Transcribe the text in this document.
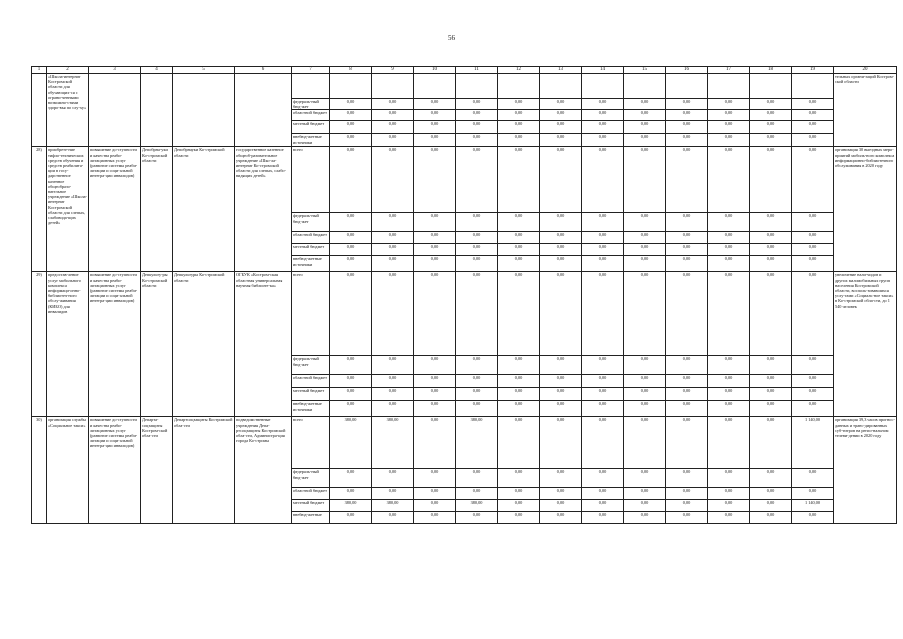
56
1	2	3	4	5	6	7	8	9	10	11	12	13	14	15	16	17	18	19	20
	«Школа-интернат Костромской области для обучающих-ся с ограни-ченными возможно-стями здоро-вья по слу-ху»																		тельных органи-заций Костром-ской области
						федераль-ный бюд-жет	0,00	0,00	0,00	0,00	0,00	0,00	0,00	0,00	0,00	0,00	0,00	0,00	
						областной бюджет	0,00	0,00	0,00	0,00	0,00	0,00	0,00	0,00	0,00	0,00	0,00	0,00	
						местный бюджет	0,00	0,00	0,00	0,00	0,00	0,00	0,00	0,00	0,00	0,00	0,00	0,00	
						внебюд-жетные источники	0,00	0,00	0,00	0,00	0,00	0,00	0,00	0,00	0,00	0,00	0,00	0,00	
28)	приобрете-ние тифло-технических средств обучения и средств реабилита-ции в госу-дарственное казенное общеобразо-вательное учреждение «Школа-интернат Костромской области для слепых, слабовида-щих детей»	повышение до-ступности и качества реаби-литационных услуг (развитие системы реаби-литации и соци-альной интегра-ции инвалидов)	Депобрна-уки Ко-стромской области	Депобрнауки Ко-стромской области	государственное казенное общеоб-разовательное учреждение «Шко-ла-интернат Ко-стромской области для слепых, слабо-видящих детей»	всего	0,00	0,00	0,00	0,00	0,00	0,00	0,00	0,00	0,00	0,00	0,00	0,00	организация 30 выездных меро-приятий мобиль-ного комплекса информационно-библиотечного обслуживания в 2020 году
						федераль-ный бюд-жет	0,00	0,00	0,00	0,00	0,00	0,00	0,00	0,00	0,00	0,00	0,00	0,00	
						областной бюджет	0,00	0,00	0,00	0,00	0,00	0,00	0,00	0,00	0,00	0,00	0,00	0,00	
						местный бюджет	0,00	0,00	0,00	0,00	0,00	0,00	0,00	0,00	0,00	0,00	0,00	0,00	
						внебюд-жетные источники	0,00	0,00	0,00	0,00	0,00	0,00	0,00	0,00	0,00	0,00	0,00	0,00	
29)	предостав-ление услуг мобильного комплекса информаци-онно-библиотеч-ного обслу-живания (КИБО) для инвалидов	повышение до-ступности и качества реаби-литационных услуг (развитие системы реаби-литации и соци-альной интегра-ции инвалидов)	Депкульту-ры Ко-стромской области	Депкультуры Ко-стромской области	ОГБУК «Костром-ская областная универсальная научная библиоте-ка»	всего	0,00	0,00	0,00	0,00	0,00	0,00	0,00	0,00	0,00	0,00	0,00	0,00	увеличение нали-чидов и других маломобильных групп населения Костромской области, восполь-зовавшихся услу-гами «Социаль-ное такси» в Ко-стромской обла-сти, до 1 540 человек
						федераль-ный бюд-жет	0,00	0,00	0,00	0,00	0,00	0,00	0,00	0,00	0,00	0,00	0,00	0,00	
						областной бюджет	0,00	0,00	0,00	0,00	0,00	0,00	0,00	0,00	0,00	0,00	0,00	0,00	
						местный бюджет	0,00	0,00	0,00	0,00	0,00	0,00	0,00	0,00	0,00	0,00	0,00	0,00	
						внебюд-жетные источники	0,00	0,00	0,00	0,00	0,00	0,00	0,00	0,00	0,00	0,00	0,00	0,00	
30)	организация службы «Социальное такси»	повышение до-ступности и качества реаби-литационных услуг (развитие системы реаби-литации и соци-альной интегра-ции инвалидов)	Департа-соцзащиты Костром-ской обла-сти	Департсоцзащиты Костромской обла-сти	подведомственные учреждения Депа-ртсоцзащиты Костромской обла-сти, Администра-ция города Ко-стромы	всего	380,00	380,00	0,00	380,00	0,00	0,00	0,00	0,00	0,00	0,00	0,00	1 140,00	организация 39,3 часов прогнос-данных и транс-дированных суб-титров на регио-нальном телеви-дении в 2020 году
						федераль-ный бюд-жет	0,00	0,00	0,00	0,00	0,00	0,00	0,00	0,00	0,00	0,00	0,00	0,00	
						областной бюджет	0,00	0,00	0,00	0,00	0,00	0,00	0,00	0,00	0,00	0,00	0,00	0,00	
						местный бюджет	380,00	380,00	0,00	380,00	0,00	0,00	0,00	0,00	0,00	0,00	0,00	1 140,00	
						внебюд-жетные	0,00	0,00	0,00	0,00	0,00	0,00	0,00	0,00	0,00	0,00	0,00	0,00	
